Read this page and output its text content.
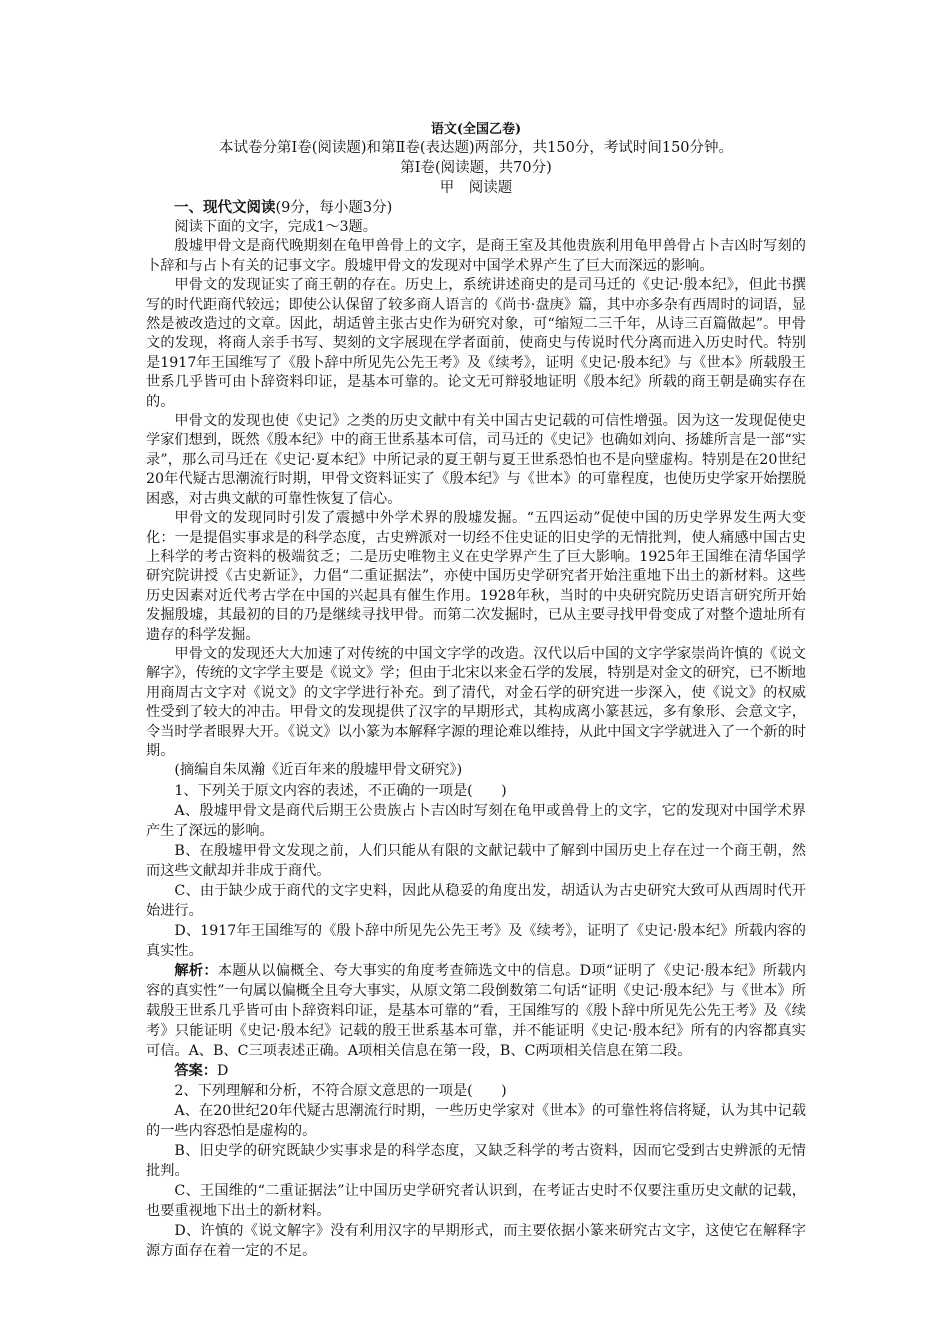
语文(全国乙卷)
本试卷分第Ⅰ卷(阅读题)和第Ⅱ卷(表达题)两部分，共150分，考试时间150分钟。
第Ⅰ卷(阅读题，共70分)
甲　阅读题
一、现代文阅读(9分，每小题3分)

阅读下面的文字，完成1～3题。

殷墟甲骨文是商代晚期刻在龟甲兽骨上的文字，是商王室及其他贵族利用龟甲兽骨占卜吉凶时写刻的卜辞和与占卜有关的记事文字。殷墟甲骨文的发现对中国学术界产生了巨大而深远的影响。

甲骨文的发现证实了商王朝的存在。历史上，系统讲述商史的是司马迁的《史记·殷本纪》，但此书撰写的时代距商代较远；即使公认保留了较多商人语言的《尚书·盘庚》篇，其中亦多杂有西周时的词语，显然是被改造过的文章。因此，胡适曾主张古史作为研究对象，可“缩短二三千年，从诗三百篇做起”。甲骨文的发现，将商人亲手书写、契刻的文字展现在学者面前，使商史与传说时代分离而进入历史时代。特别是1917年王国维写了《殷卜辞中所见先公先王考》及《续考》，证明《史记·殷本纪》与《世本》所载殷王世系几乎皆可由卜辞资料印证，是基本可靠的。论文无可辩驳地证明《殷本纪》所载的商王朝是确实存在的。

甲骨文的发现也使《史记》之类的历史文献中有关中国古史记载的可信性增强。因为这一发现促使史学家们想到，既然《殷本纪》中的商王世系基本可信，司马迁的《史记》也确如刘向、扬雄所言是一部“实录”，那么司马迁在《史记·夏本纪》中所记录的夏王朝与夏王世系恐怕也不是向壁虚构。特别是在20世纪20年代疑古思潮流行时期，甲骨文资料证实了《殷本纪》与《世本》的可靠程度，也使历史学家开始摆脱困惑，对古典文献的可靠性恢复了信心。

甲骨文的发现同时引发了震撼中外学术界的殷墟发掘。“五四运动”促使中国的历史学界发生两大变化：一是提倡实事求是的科学态度，古史辨派对一切经不住史证的旧史学的无情批判，使人痛感中国古史上科学的考古资料的极端贫乏；二是历史唯物主义在史学界产生了巨大影响。1925年王国维在清华国学研究院讲授《古史新证》，力倡“二重证据法”，亦使中国历史学研究者开始注重地下出土的新材料。这些历史因素对近代考古学在中国的兴起具有催生作用。1928年秋，当时的中央研究院历史语言研究所开始发掘殷墟，其最初的目的乃是继续寻找甲骨。而第二次发掘时，已从主要寻找甲骨变成了对整个遗址所有遗存的科学发掘。

甲骨文的发现还大大加速了对传统的中国文字学的改造。汉代以后中国的文字学家崇尚许慎的《说文解字》，传统的文字学主要是《说文》学；但由于北宋以来金石学的发展，特别是对金文的研究，已不断地用商周古文字对《说文》的文字学进行补充。到了清代，对金石学的研究进一步深入，使《说文》的权威性受到了较大的冲击。甲骨文的发现提供了汉字的早期形式，其构成离小篆甚远，多有象形、会意文字，令当时学者眼界大开。《说文》以小篆为本解释字源的理论难以维持，从此中国文字学就进入了一个新的时期。

(摘编自朱凤瀚《近百年来的殷墟甲骨文研究》)

1、下列关于原文内容的表述，不正确的一项是(　　)

A、殷墟甲骨文是商代后期王公贵族占卜吉凶时写刻在龟甲或兽骨上的文字，它的发现对中国学术界产生了深远的影响。

B、在殷墟甲骨文发现之前，人们只能从有限的文献记载中了解到中国历史上存在过一个商王朝，然而这些文献却并非成于商代。

C、由于缺少成于商代的文字史料，因此从稳妥的角度出发，胡适认为古史研究大致可从西周时代开始进行。

D、1917年王国维写的《殷卜辞中所见先公先王考》及《续考》，证明了《史记·殷本纪》所载内容的真实性。

解析：本题从以偏概全、夸大事实的角度考查筛选文中的信息。D项“证明了《史记·殷本纪》所载内容的真实性”一句属以偏概全且夸大事实，从原文第二段倒数第二句话“证明《史记·殷本纪》与《世本》所载殷王世系几乎皆可由卜辞资料印证，是基本可靠的”看，王国维写的《殷卜辞中所见先公先王考》及《续考》只能证明《史记·殷本纪》记载的殷王世系基本可靠，并不能证明《史记·殷本纪》所有的内容都真实可信。A、B、C三项表述正确。A项相关信息在第一段，B、C两项相关信息在第二段。

答案：D

2、下列理解和分析，不符合原文意思的一项是(　　)

A、在20世纪20年代疑古思潮流行时期，一些历史学家对《世本》的可靠性将信将疑，认为其中记载的一些内容恐怕是虚构的。

B、旧史学的研究既缺少实事求是的科学态度，又缺乏科学的考古资料，因而它受到古史辨派的无情批判。

C、王国维的“二重证据法”让中国历史学研究者认识到，在考证古史时不仅要注重历史文献的记载，也要重视地下出土的新材料。

D、许慎的《说文解字》没有利用汉字的早期形式，而主要依据小篆来研究古文字，这使它在解释字源方面存在着一定的不足。
